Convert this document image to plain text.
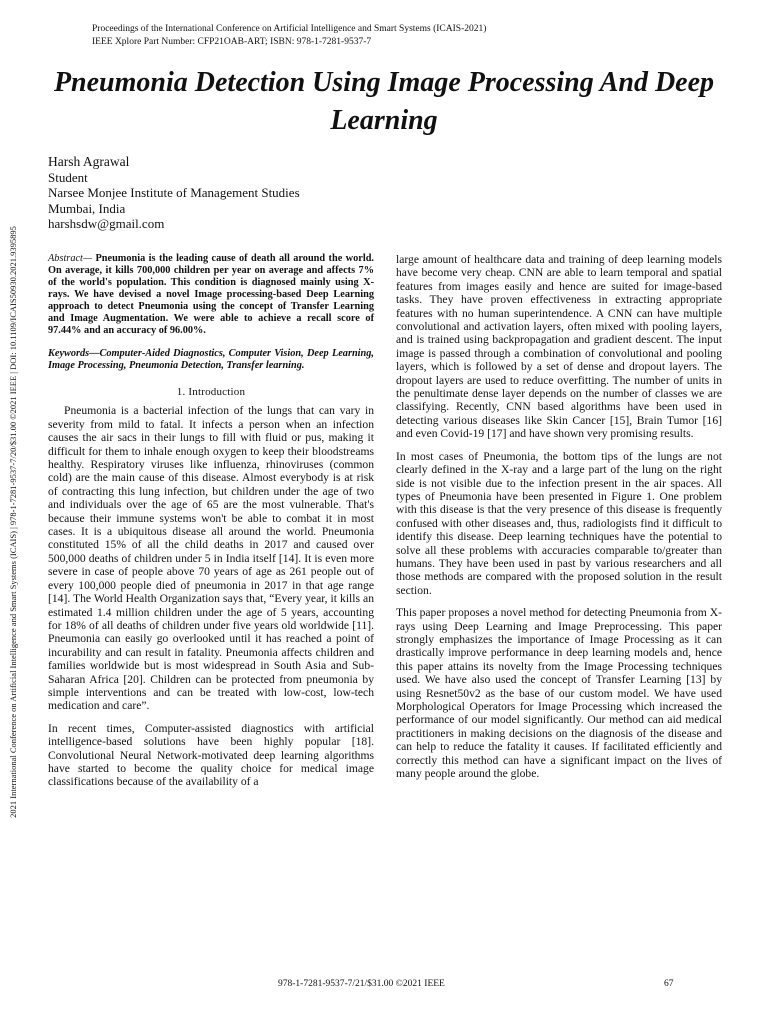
Proceedings of the International Conference on Artificial Intelligence and Smart Systems (ICAIS-2021)
IEEE Xplore Part Number: CFP21OAB-ART; ISBN: 978-1-7281-9537-7
Pneumonia Detection Using Image Processing And Deep Learning
Harsh Agrawal
Student
Narsee Monjee Institute of Management Studies
Mumbai, India
harshsdw@gmail.com
2021 International Conference on Artificial Intelligence and Smart Systems (ICAIS) | 978-1-7281-9537-7/20/$31.00 ©2021 IEEE | DOI: 10.1109/ICAIS50930.2021.9395895	Abstract— Pneumonia is the leading cause of death all around the world. On average, it kills 700,000 children per year on average and affects 7% of the world's population. This condition is diagnosed mainly using X-rays. We have devised a novel Image processing-based Deep Learning approach to detect Pneumonia using the concept of Transfer Learning and Image Augmentation. We were able to achieve a recall score of 97.44% and an accuracy of 96.00%.

Keywords—Computer-Aided Diagnostics, Computer Vision, Deep Learning, Image Processing, Pneumonia Detection, Transfer learning.

1. Introduction

Pneumonia is a bacterial infection of the lungs that can vary in severity from mild to fatal. It infects a person when an infection causes the air sacs in their lungs to fill with fluid or pus, making it difficult for them to inhale enough oxygen to keep their bloodstreams healthy. Respiratory viruses like influenza, rhinoviruses (common cold) are the main cause of this disease. Almost everybody is at risk of contracting this lung infection, but children under the age of two and individuals over the age of 65 are the most vulnerable. That's because their immune systems won't be able to combat it in most cases. It is a ubiquitous disease all around the world. Pneumonia constituted 15% of all the child deaths in 2017 and caused over 500,000 deaths of children under 5 in India itself [14]. It is even more severe in case of people above 70 years of age as 261 people out of every 100,000 people died of pneumonia in 2017 in that age range [14]. The World Health Organization says that, “Every year, it kills an estimated 1.4 million children under the age of 5 years, accounting for 18% of all deaths of children under five years old worldwide [11]. Pneumonia can easily go overlooked until it has reached a point of incurability and can result in fatality. Pneumonia affects children and families worldwide but is most widespread in South Asia and Sub-Saharan Africa [20]. Children can be protected from pneumonia by simple interventions and can be treated with low-cost, low-tech medication and care”.

In recent times, Computer-assisted diagnostics with artificial intelligence-based solutions have been highly popular [18]. Convolutional Neural Network-motivated deep learning algorithms have started to become the quality choice for medical image classifications because of the availability of a

large amount of healthcare data and training of deep learning models have become very cheap. CNN are able to learn temporal and spatial features from images easily and hence are suited for image-based tasks. They have proven effectiveness in extracting appropriate features with no human superintendence. A CNN can have multiple convolutional and activation layers, often mixed with pooling layers, and is trained using backpropagation and gradient descent. The input image is passed through a combination of convolutional and pooling layers, which is followed by a set of dense and dropout layers. The dropout layers are used to reduce overfitting. The number of units in the penultimate dense layer depends on the number of classes we are classifying. Recently, CNN based algorithms have been used in detecting various diseases like Skin Cancer [15], Brain Tumor [16] and even Covid-19 [17] and have shown very promising results.

In most cases of Pneumonia, the bottom tips of the lungs are not clearly defined in the X-ray and a large part of the lung on the right side is not visible due to the infection present in the air spaces. All types of Pneumonia have been presented in Figure 1. One problem with this disease is that the very presence of this disease is frequently confused with other diseases and, thus, radiologists find it difficult to identify this disease. Deep learning techniques have the potential to solve all these problems with accuracies comparable to/greater than humans. They have been used in past by various researchers and all those methods are compared with the proposed solution in the result section.

This paper proposes a novel method for detecting Pneumonia from X-rays using Deep Learning and Image Preprocessing. This paper strongly emphasizes the importance of Image Processing as it can drastically improve performance in deep learning models and, hence this paper attains its novelty from the Image Processing techniques used. We have also used the concept of Transfer Learning [13] by using Resnet50v2 as the base of our custom model. We have used Morphological Operators for Image Processing which increased the performance of our model significantly. Our method can aid medical practitioners in making decisions on the diagnosis of the disease and can help to reduce the fatality it causes. If facilitated efficiently and correctly this method can have a significant impact on the lives of many people around the globe.

978-1-7281-9537-7/21/$31.00 ©2021 IEEE	67
